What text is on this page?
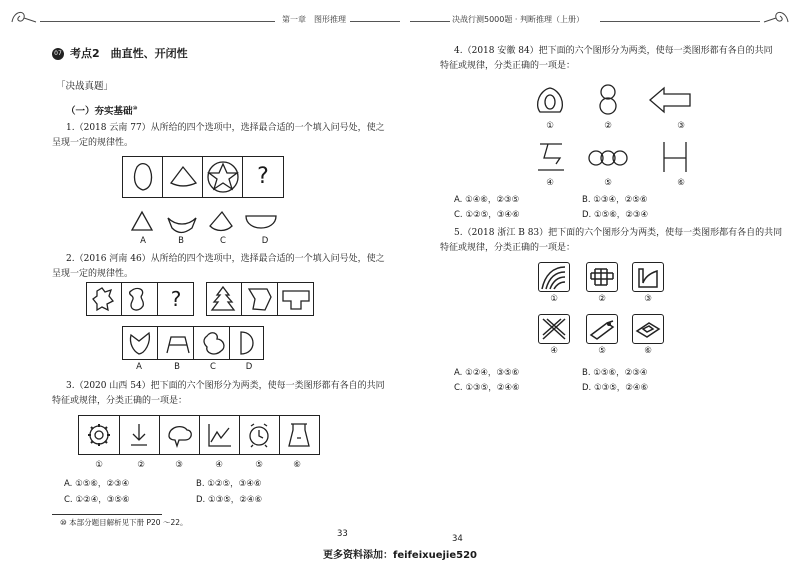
第一章　图形推理	决战行测5000题 · 判断推理（上册）
07 考点2　曲直性、开闭性
「决战真题」
（一）夯实基础⑩
1.（2018 云南 77）从所给的四个选项中，选择最合适的一个填入问号处，使之
呈现一定的规律性。
?
A	B	C	D
2.（2016 河南 46）从所给的四个选项中，选择最合适的一个填入问号处，使之
呈现一定的规律性。
?
A	B	C	D
3.（2020 山西 54）把下面的六个图形分为两类，使每一类图形都有各自的共同
特征或规律，分类正确的一项是：
①	②	③	④	⑤	⑥
A. ①⑤⑥，②③④	B. ①②⑤，③④⑥
C. ①②④，③⑤⑥	D. ①③⑤，②④⑥
⑩ 本部分题目解析见下册 P20 ～22。
33
4.（2018 安徽 84）把下面的六个图形分为两类，使每一类图形都有各自的共同
特征或规律，分类正确的一项是：
①	②	③
④	⑤	⑥
A. ①④⑥，②③⑤	B. ①③④，②⑤⑥
C. ①②⑤，③④⑥	D. ①⑤⑥，②③④
5.（2018 浙江 B 83）把下面的六个图形分为两类，使每一类图形都有各自的共同
特征或规律，分类正确的一项是：
①	②	③
④	⑤	⑥
A. ①②④，③⑤⑥	B. ①⑤⑥，②③④
C. ①③⑤，②④⑥	D. ①③⑤，②④⑥
34
更多资料添加：feifeixuejie520
